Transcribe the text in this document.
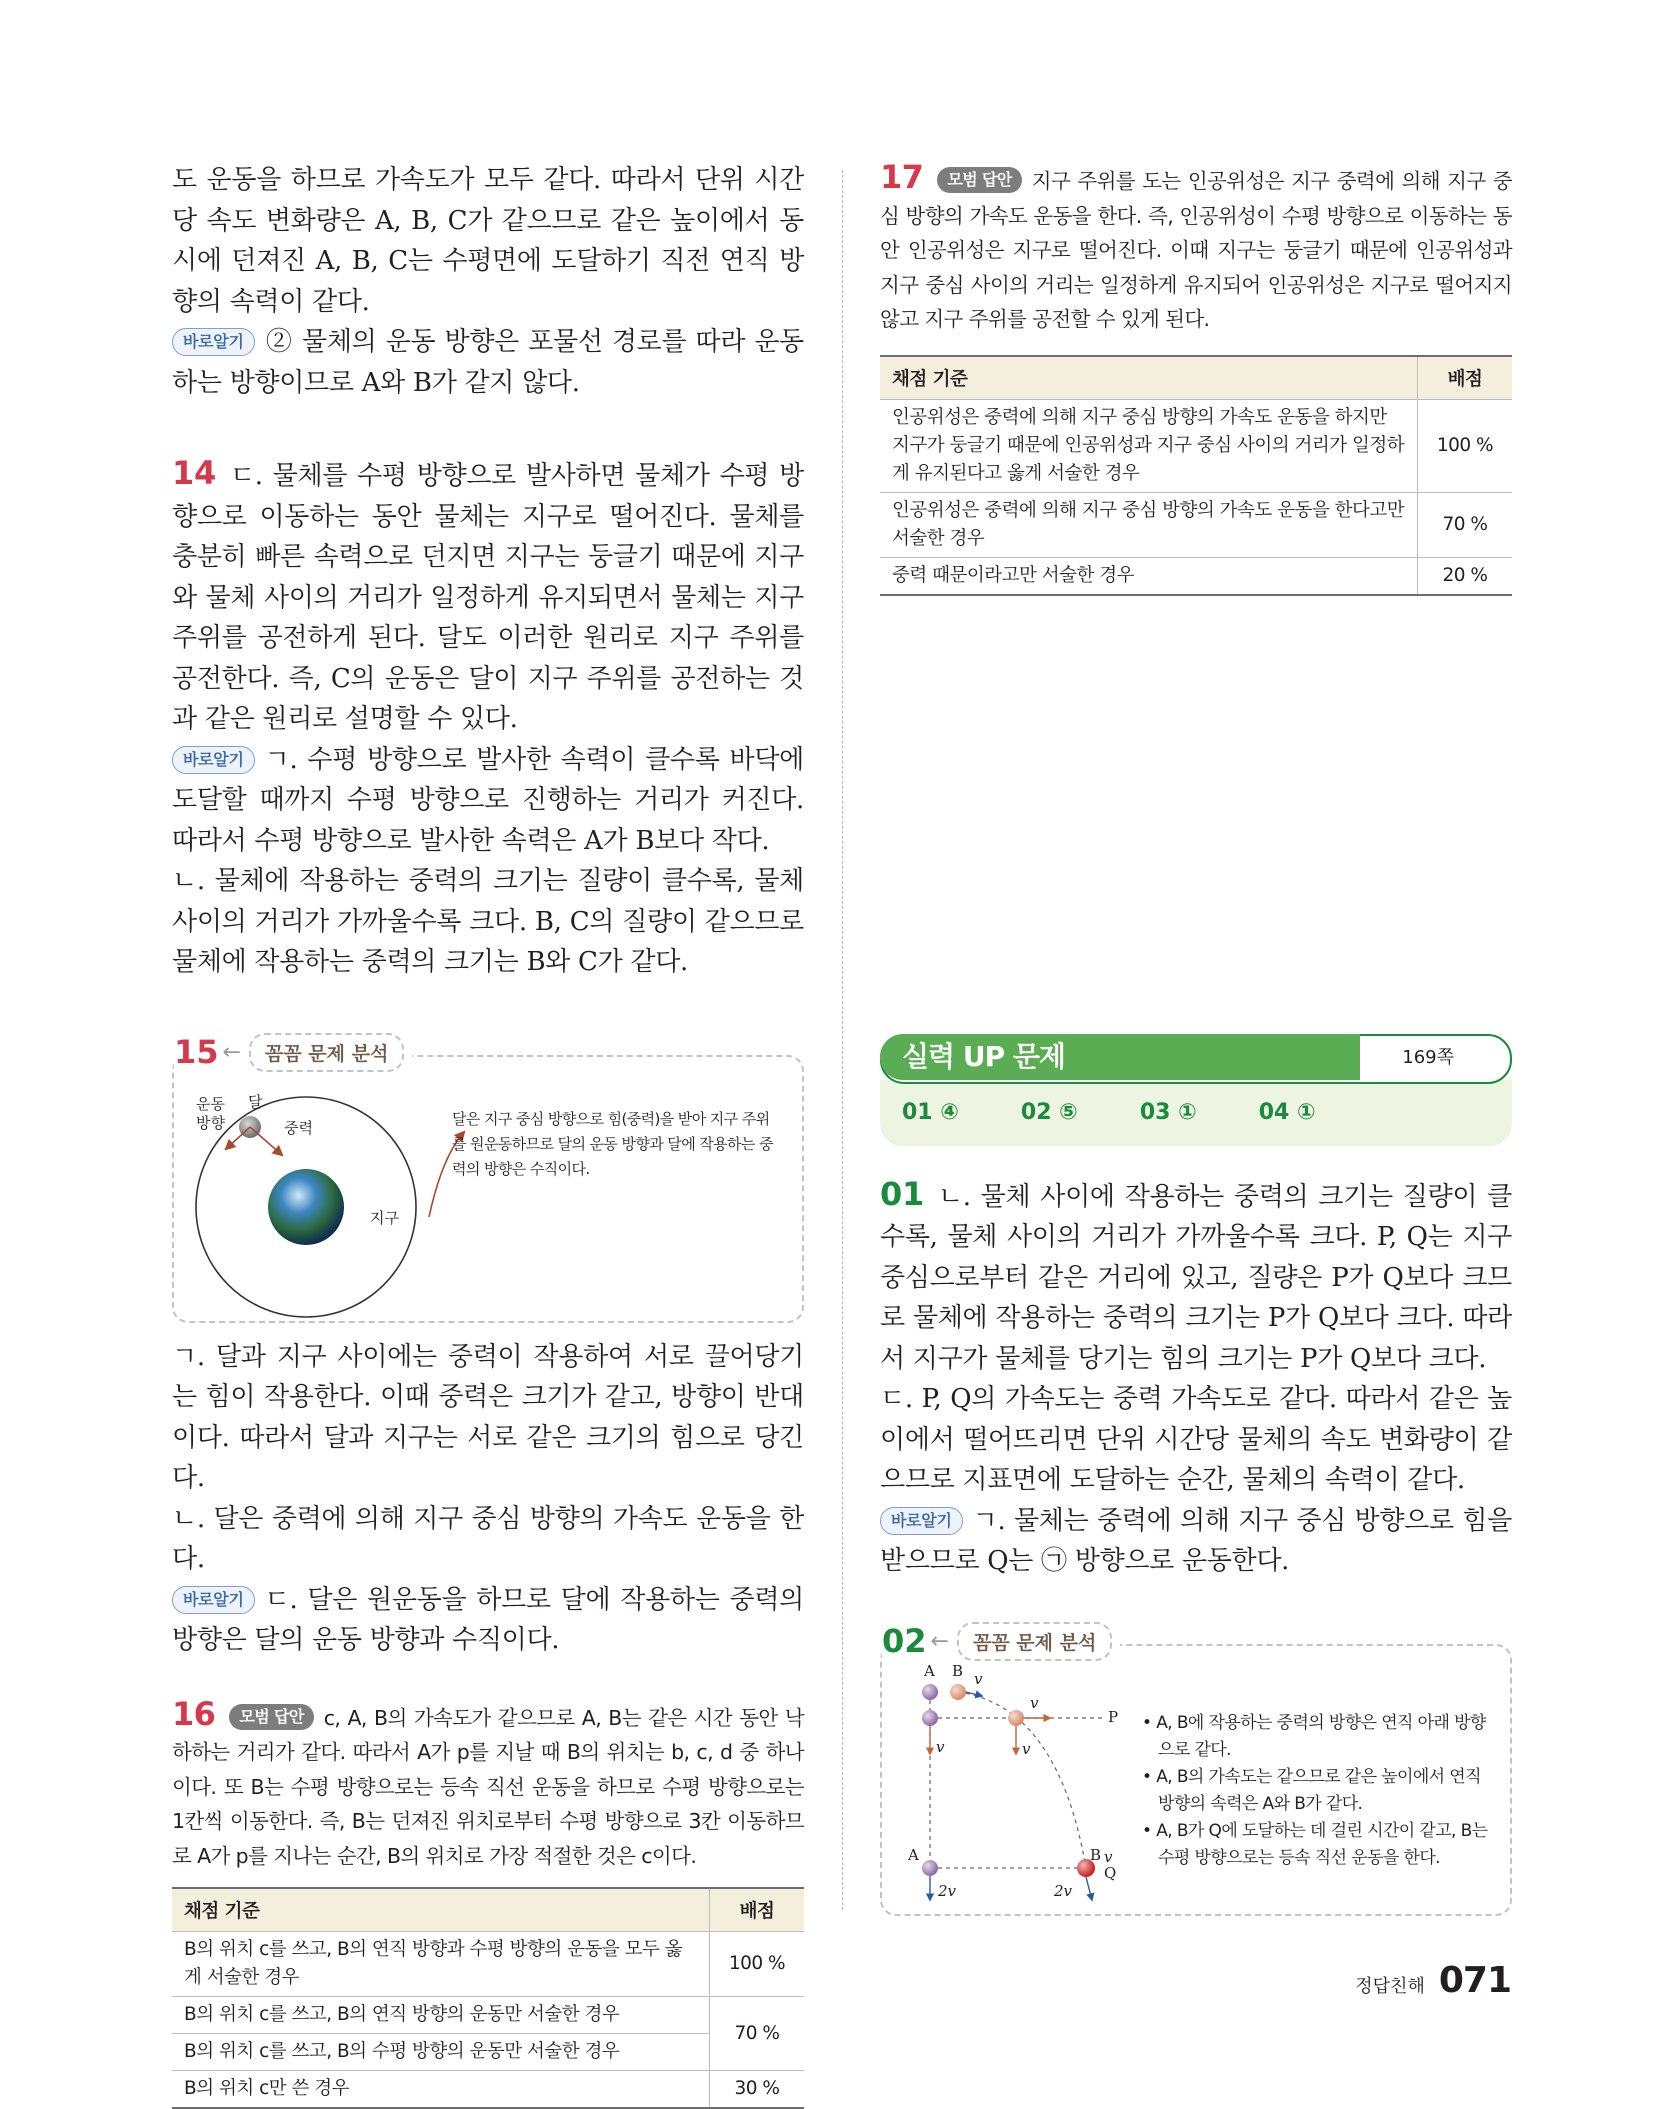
도 운동을 하므로 가속도가 모두 같다. 따라서 단위 시간당 속도 변화량은 A, B, C가 같으므로 같은 높이에서 동시에 던져진 A, B, C는 수평면에 도달하기 직전 연직 방향의 속력이 같다.

바로알기 ② 물체의 운동 방향은 포물선 경로를 따라 운동하는 방향이므로 A와 B가 같지 않다.

14 ㄷ. 물체를 수평 방향으로 발사하면 물체가 수평 방향으로 이동하는 동안 물체는 지구로 떨어진다. 물체를 충분히 빠른 속력으로 던지면 지구는 둥글기 때문에 지구와 물체 사이의 거리가 일정하게 유지되면서 물체는 지구 주위를 공전하게 된다. 달도 이러한 원리로 지구 주위를 공전한다. 즉, C의 운동은 달이 지구 주위를 공전하는 것과 같은 원리로 설명할 수 있다.

바로알기 ㄱ. 수평 방향으로 발사한 속력이 클수록 바닥에 도달할 때까지 수평 방향으로 진행하는 거리가 커진다. 따라서 수평 방향으로 발사한 속력은 A가 B보다 작다.

ㄴ. 물체에 작용하는 중력의 크기는 질량이 클수록, 물체 사이의 거리가 가까울수록 크다. B, C의 질량이 같으므로 물체에 작용하는 중력의 크기는 B와 C가 같다.

15 ←	꼼꼼 문제 분석
운동 방향
달
중력
지구
달은 지구 중심 방향으로 힘(중력)을 받아 지구 주위를 원운동하므로 달의 운동 방향과 달에 작용하는 중력의 방향은 수직이다.

ㄱ. 달과 지구 사이에는 중력이 작용하여 서로 끌어당기는 힘이 작용한다. 이때 중력은 크기가 같고, 방향이 반대이다. 따라서 달과 지구는 서로 같은 크기의 힘으로 당긴다.

ㄴ. 달은 중력에 의해 지구 중심 방향의 가속도 운동을 한다.

바로알기 ㄷ. 달은 원운동을 하므로 달에 작용하는 중력의 방향은 달의 운동 방향과 수직이다.

16 모범 답안 c, A, B의 가속도가 같으므로 A, B는 같은 시간 동안 낙하하는 거리가 같다. 따라서 A가 p를 지날 때 B의 위치는 b, c, d 중 하나이다. 또 B는 수평 방향으로는 등속 직선 운동을 하므로 수평 방향으로는 1칸씩 이동한다. 즉, B는 던져진 위치로부터 수평 방향으로 3칸 이동하므로 A가 p를 지나는 순간, B의 위치로 가장 적절한 것은 c이다.

채점 기준	배점
B의 위치 c를 쓰고, B의 연직 방향과 수평 방향의 운동을 모두 옳게 서술한 경우	100 %
B의 위치 c를 쓰고, B의 연직 방향의 운동만 서술한 경우	70 %
B의 위치 c를 쓰고, B의 수평 방향의 운동만 서술한 경우	
B의 위치 c만 쓴 경우	30 %

17 모범 답안 지구 주위를 도는 인공위성은 지구 중력에 의해 지구 중심 방향의 가속도 운동을 한다. 즉, 인공위성이 수평 방향으로 이동하는 동안 인공위성은 지구로 떨어진다. 이때 지구는 둥글기 때문에 인공위성과 지구 중심 사이의 거리는 일정하게 유지되어 인공위성은 지구로 떨어지지 않고 지구 주위를 공전할 수 있게 된다.

채점 기준	배점
인공위성은 중력에 의해 지구 중심 방향의 가속도 운동을 하지만 지구가 둥글기 때문에 인공위성과 지구 중심 사이의 거리가 일정하게 유지된다고 옳게 서술한 경우	100 %
인공위성은 중력에 의해 지구 중심 방향의 가속도 운동을 한다고만 서술한 경우	70 %
중력 때문이라고만 서술한 경우	20 %
실력 UP 문제	169쪽
01 ④	02 ⑤	03 ①	04 ①

01 ㄴ. 물체 사이에 작용하는 중력의 크기는 질량이 클수록, 물체 사이의 거리가 가까울수록 크다. P, Q는 지구 중심으로부터 같은 거리에 있고, 질량은 P가 Q보다 크므로 물체에 작용하는 중력의 크기는 P가 Q보다 크다. 따라서 지구가 물체를 당기는 힘의 크기는 P가 Q보다 크다.

ㄷ. P, Q의 가속도는 중력 가속도로 같다. 따라서 같은 높이에서 떨어뜨리면 단위 시간당 물체의 속도 변화량이 같으므로 지표면에 도달하는 순간, 물체의 속력이 같다.

바로알기 ㄱ. 물체는 중력에 의해 지구 중심 방향으로 힘을 받으므로 Q는 ㉠ 방향으로 운동한다.

02 ←	꼼꼼 문제 분석
A B v
v
P
v	v
A	B v
Q
2v	2v
• A, B에 작용하는 중력의 방향은 연직 아래 방향으로 같다.
• A, B의 가속도는 같으므로 같은 높이에서 연직 방향의 속력은 A와 B가 같다.
• A, B가 Q에 도달하는 데 걸린 시간이 같고, B는 수평 방향으로는 등속 직선 운동을 한다.
정답친해 071
